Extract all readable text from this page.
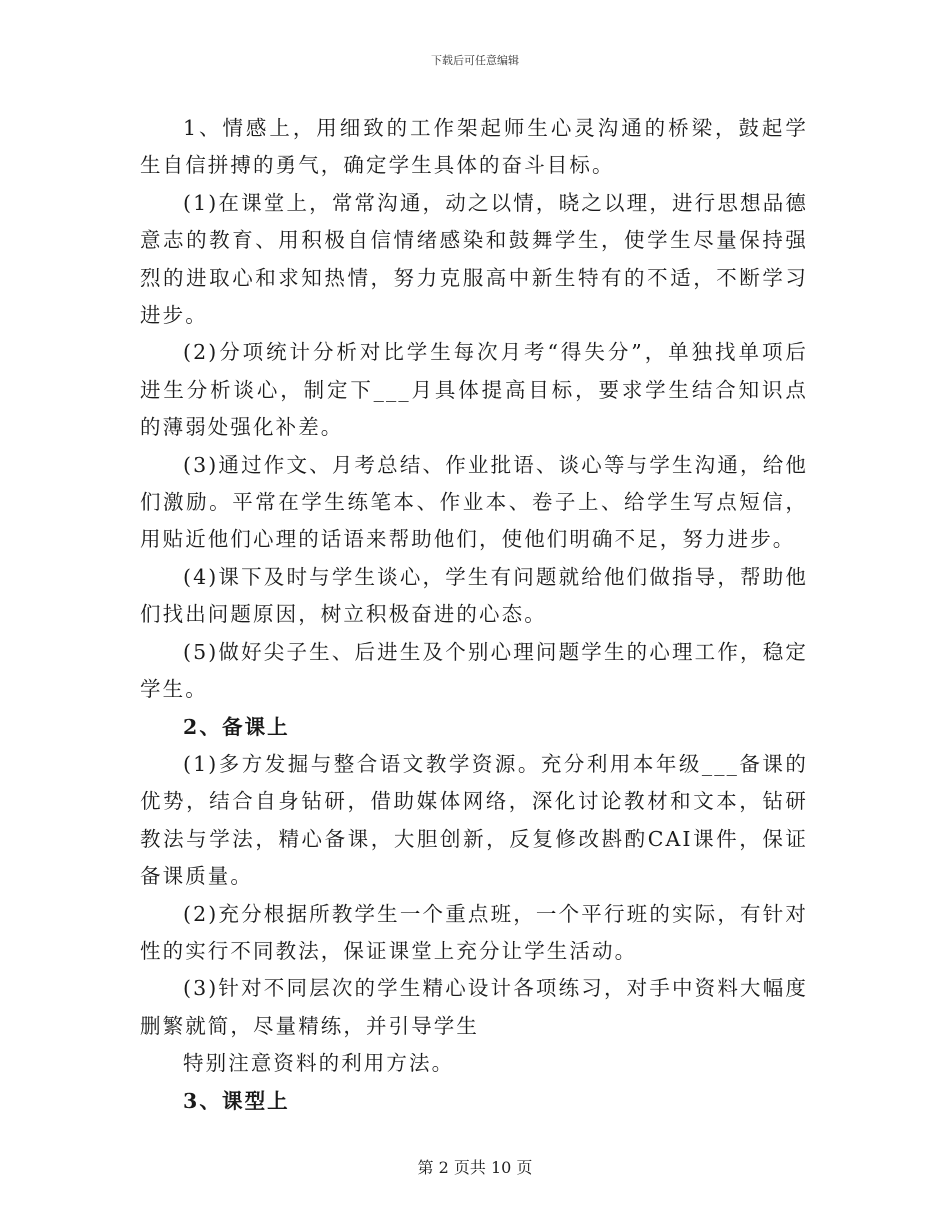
下载后可任意编辑

1、情感上，用细致的工作架起师生心灵沟通的桥梁，鼓起学生自信拼搏的勇气，确定学生具体的奋斗目标。

(1)在课堂上，常常沟通，动之以情，晓之以理，进行思想品德意志的教育、用积极自信情绪感染和鼓舞学生，使学生尽量保持强烈的进取心和求知热情，努力克服高中新生特有的不适，不断学习进步。

(2)分项统计分析对比学生每次月考“得失分”，单独找单项后进生分析谈心，制定下___月具体提高目标，要求学生结合知识点的薄弱处强化补差。

(3)通过作文、月考总结、作业批语、谈心等与学生沟通，给他们激励。平常在学生练笔本、作业本、卷子上、给学生写点短信，用贴近他们心理的话语来帮助他们，使他们明确不足，努力进步。

(4)课下及时与学生谈心，学生有问题就给他们做指导，帮助他们找出问题原因，树立积极奋进的心态。

(5)做好尖子生、后进生及个别心理问题学生的心理工作，稳定学生。

2、备课上

(1)多方发掘与整合语文教学资源。充分利用本年级___备课的优势，结合自身钻研，借助媒体网络，深化讨论教材和文本，钻研教法与学法，精心备课，大胆创新，反复修改斟酌CAI课件，保证备课质量。

(2)充分根据所教学生一个重点班，一个平行班的实际，有针对性的实行不同教法，保证课堂上充分让学生活动。

(3)针对不同层次的学生精心设计各项练习，对手中资料大幅度删繁就简，尽量精练，并引导学生

特别注意资料的利用方法。

3、课型上

第 2 页共 10 页
